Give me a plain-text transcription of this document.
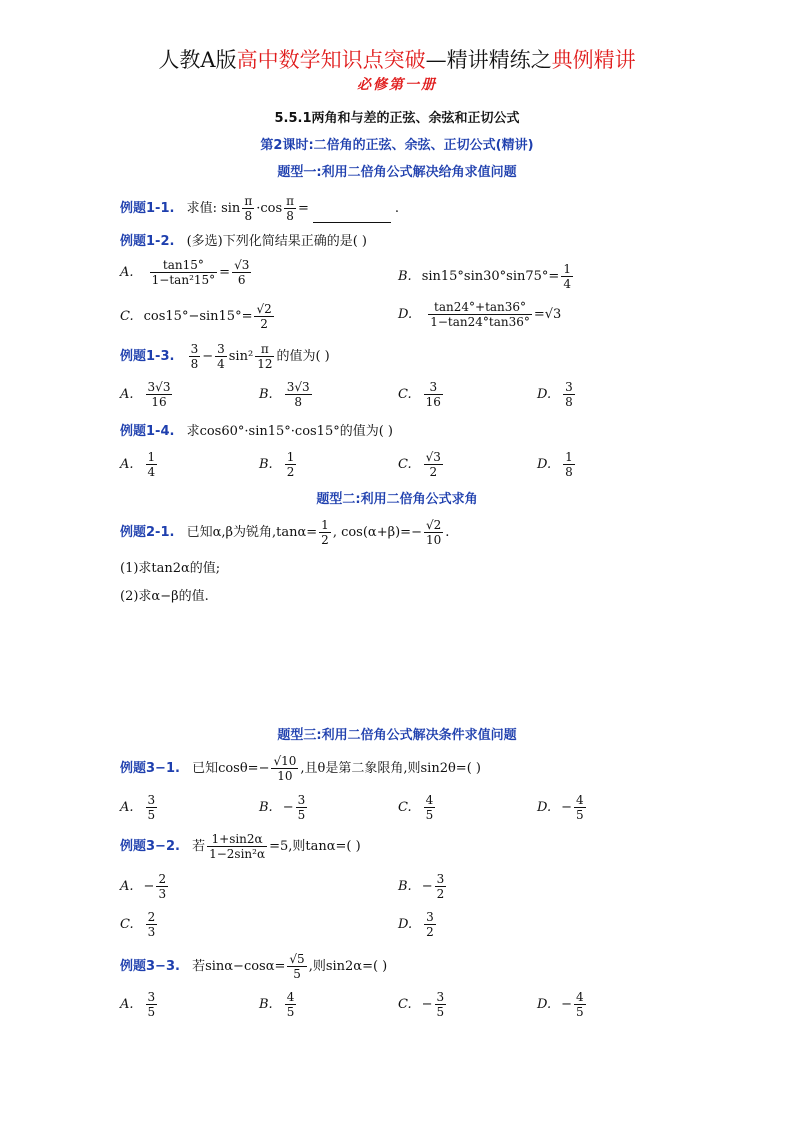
人教A版高中数学知识点突破—精讲精练之典例精讲
必修第一册
5.5.1两角和与差的正弦、余弦和正切公式
第2课时:二倍角的正弦、余弦、正切公式(精讲)
题型一:利用二倍角公式解决给角求值问题
例题1-1. 求值: $\sin \frac{\pi}{8} \cdot\cos \frac{\pi}{8}$ =	.
例题1-2. (多选)下列化简结果正确的是( )
A. $\frac{\tan 15^\circ}{\text{1−tan²15°}} = \frac{√3}{6}$	B. $\sin 15^\circ\sin 30^\circ\sin 75^\circ= \frac{1}{4}$
C. $\cos 15^\circ-\sin 15^\circ= \frac{√2}{2}$	D. $\frac{\tan 24^\circ+\tan 36^\circ}{1-\tan 24^\circ\tan 36^\circ} =√3$
例题1-3. $\frac{3}{8} - \frac{3}{4} \sin^2 \frac{\pi}{12}$ 的值为( )
A. $\frac{3√3}{16}$	B. $\frac{3√3}{8}$	C. $\frac{3}{16}$	D. $\frac{3}{8}$
例题1-4. 求cos60°·sin15°·cos15°的值为( )
A. $\frac{1}{4}$	B. $\frac{1}{2}$	C. $\frac{√3}{2}$	D. $\frac{1}{8}$
题型二:利用二倍角公式求角
例题2-1. 已知α,β为锐角$,\tan\alpha= \frac{1}{2}$ , $\cos(\alpha+\beta)=- \frac{√2}{10}$ .
(1)求tan2α的值;
(2)求α−β的值.
题型三:利用二倍角公式解决条件求值问题
例题3−1. 已知$\cos\theta=- \frac{√10}{10}$ ,且θ是第二象限角,则sin2θ=( )
A. $\frac{3}{5}$	B. − $\frac{3}{5}$	C. $\frac{4}{5}$	D. − $\frac{4}{5}$
例题3−2. 若 $\frac{1+\sin 2\alpha}{\text{1−2sin²α}} =5$,则tanα=( )
A. − $\frac{2}{3}$	B. − $\frac{3}{2}$
C. $\frac{2}{3}$	D. $\frac{3}{2}$
例题3−3. 若$\sin\alpha-\cos\alpha= \frac{√5}{5}$ ,则sin2α=( )
A. $\frac{3}{5}$	B. $\frac{4}{5}$	C. − $\frac{3}{5}$	D. − $\frac{4}{5}$
